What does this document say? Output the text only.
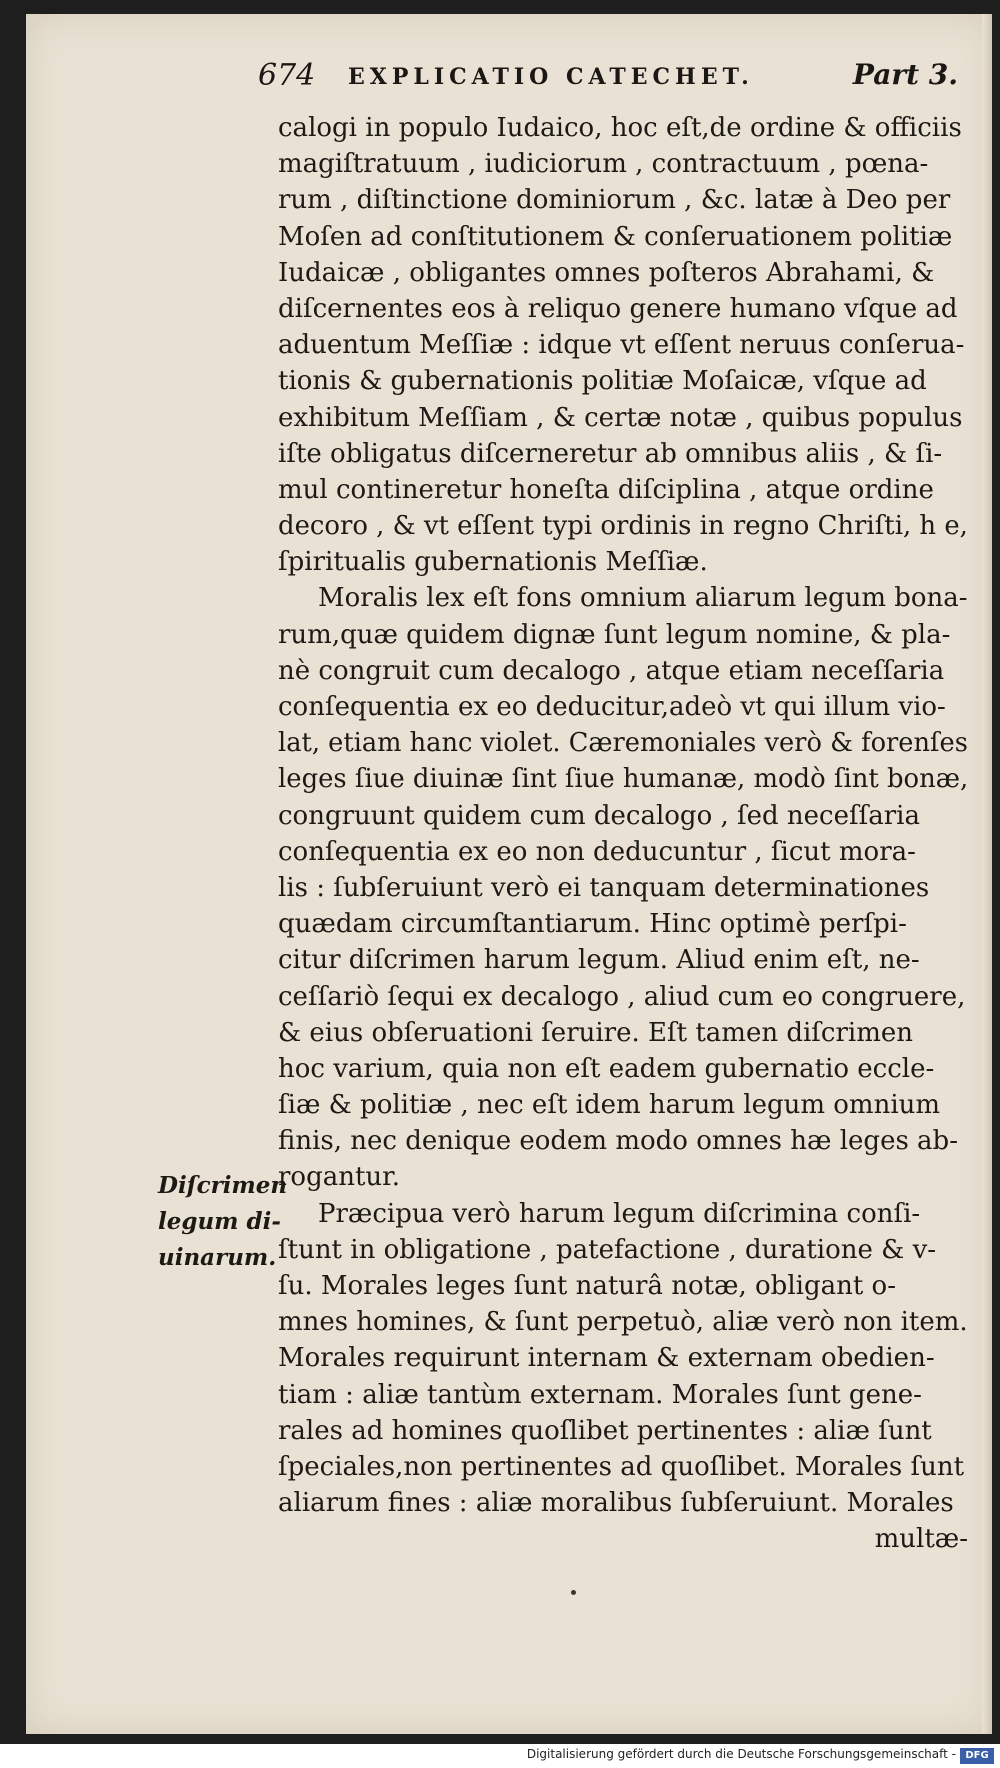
674 EXPLICATIO CATECHET.	Part 3.
calogi in populo Iudaico, hoc eſt,de ordine & officiis
magiſtratuum , iudiciorum , contractuum , pœna-
rum , diſtinctione dominiorum , &c. latæ à Deo per
Moſen ad conſtitutionem & conſeruationem politiæ
Iudaicæ , obligantes omnes poſteros Abrahami, &
diſcernentes eos à reliquo genere humano vſque ad
aduentum Meſſiæ : idque vt eſſent neruus conſerua-
tionis & gubernationis politiæ Moſaicæ, vſque ad
exhibitum Meſſiam , & certæ notæ , quibus populus
iſte obligatus diſcerneretur ab omnibus aliis , & ſi-
mul contineretur honeſta diſciplina , atque ordine
decoro , & vt eſſent typi ordinis in regno Chriſti, h e,
ſpiritualis gubernationis Meſſiæ.
Moralis lex eſt fons omnium aliarum legum bona-
rum,quæ quidem dignæ ſunt legum nomine, & pla-
nè congruit cum decalogo , atque etiam neceſſaria
conſequentia ex eo deducitur,adeò vt qui illum vio-
lat, etiam hanc violet. Cæremoniales verò & forenſes
leges ſiue diuinæ ſint ſiue humanæ, modò ſint bonæ,
congruunt quidem cum decalogo , ſed neceſſaria
conſequentia ex eo non deducuntur , ſicut mora-
lis : ſubſeruiunt verò ei tanquam determinationes
quædam circumſtantiarum. Hinc optimè perſpi-
citur diſcrimen harum legum. Aliud enim eſt, ne-
ceſſariò ſequi ex decalogo , aliud cum eo congruere,
& eius obſeruationi ſeruire. Eſt tamen diſcrimen
hoc varium, quia non eſt eadem gubernatio eccle-
ſiæ & politiæ , nec eſt idem harum legum omnium
finis, nec denique eodem modo omnes hæ leges ab-
rogantur.
Præcipua verò harum legum diſcrimina conſi-
ſtunt in obligatione , patefactione , duratione & v-
ſu. Morales leges ſunt naturâ notæ, obligant o-
mnes homines, & ſunt perpetuò, aliæ verò non item.
Morales requirunt internam & externam obedien-
tiam : aliæ tantùm externam. Morales ſunt gene-
rales ad homines quoſlibet pertinentes : aliæ ſunt
ſpeciales,non pertinentes ad quoſlibet. Morales ſunt
aliarum fines : aliæ moralibus ſubſeruiunt. Morales
multæ-
Diſcrimen
legum di-
uinarum.
Digitalisierung gefördert durch die Deutsche Forschungsgemeinschaft - DFG
